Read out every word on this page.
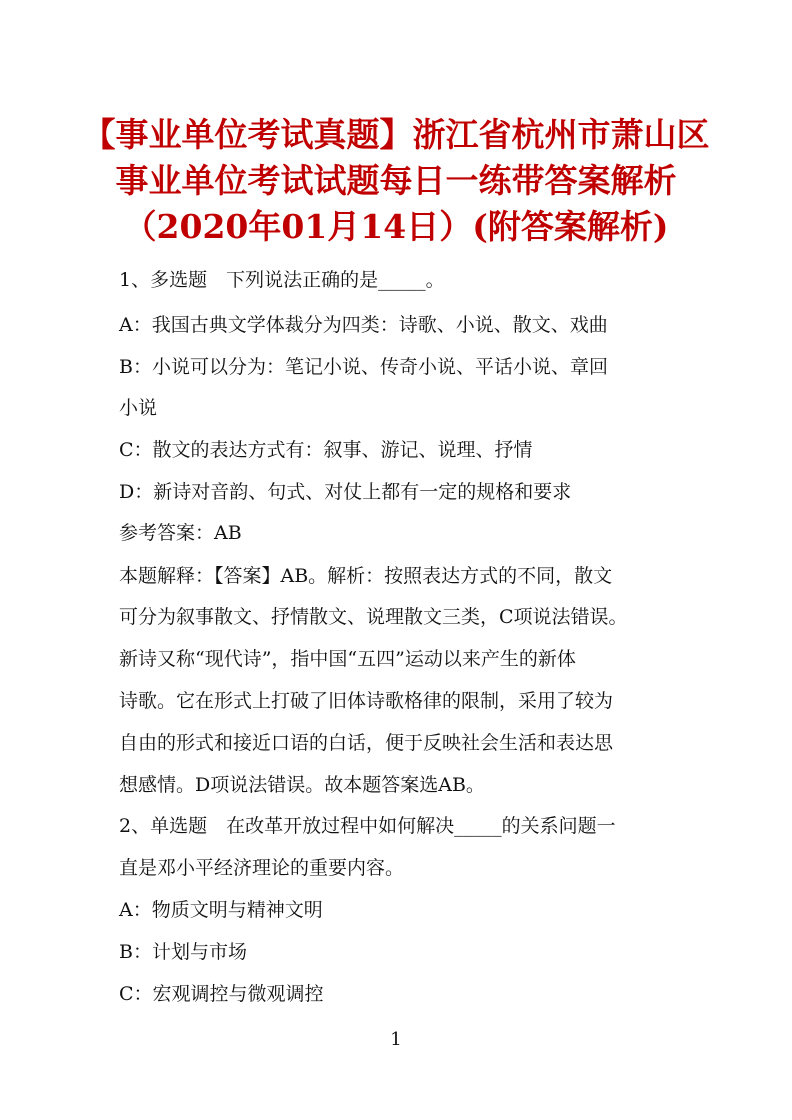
【事业单位考试真题】浙江省杭州市萧山区
事业单位考试试题每日一练带答案解析
（2020年01月14日）(附答案解析)
1、多选题　下列说法正确的是_____。
A：我国古典文学体裁分为四类：诗歌、小说、散文、戏曲
B：小说可以分为：笔记小说、传奇小说、平话小说、章回
小说
C：散文的表达方式有：叙事、游记、说理、抒情
D：新诗对音韵、句式、对仗上都有一定的规格和要求
参考答案：AB
本题解释：【答案】AB。解析：按照表达方式的不同，散文
可分为叙事散文、抒情散文、说理散文三类，C项说法错误。
新诗又称“现代诗”，指中国“五四”运动以来产生的新体
诗歌。它在形式上打破了旧体诗歌格律的限制，采用了较为
自由的形式和接近口语的白话，便于反映社会生活和表达思
想感情。D项说法错误。故本题答案选AB。
2、单选题　在改革开放过程中如何解决_____的关系问题一
直是邓小平经济理论的重要内容。
A：物质文明与精神文明
B：计划与市场
C：宏观调控与微观调控
1
